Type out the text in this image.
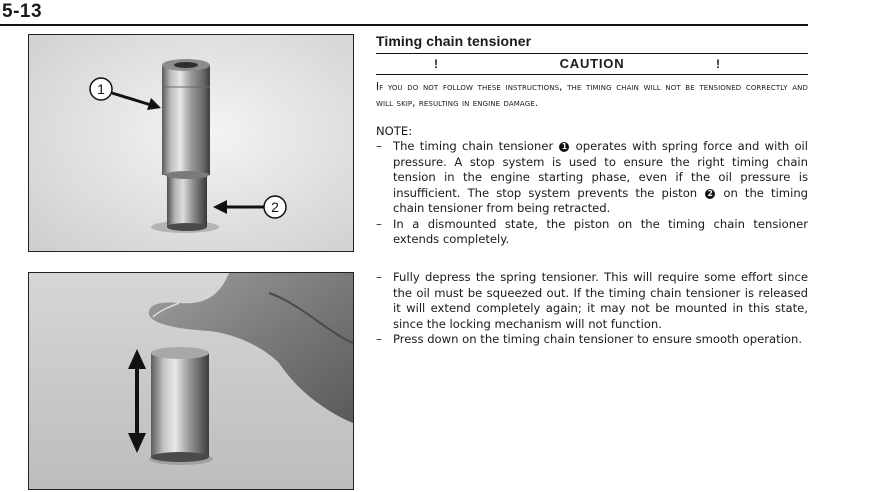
5-13
1
2
Timing chain tensioner
!	CAUTION	!
If you do not follow these instructions, the timing chain will not be tensioned correctly and will skip, resulting in engine damage.
NOTE:
– The timing chain tensioner 1 operates with spring force and with oil pressure. A stop system is used to ensure the right timing chain tension in the engine starting phase, even if the oil pressure is insufficient. The stop system prevents the piston 2 on the timing chain tensioner from being retracted.
– In a dismounted state, the piston on the timing chain tensioner extends completely.
– Fully depress the spring tensioner. This will require some effort since the oil must be squeezed out. If the timing chain tensioner is released it will extend completely again; it may not be mounted in this state, since the locking mechanism will not function.
– Press down on the timing chain tensioner to ensure smooth operation.
